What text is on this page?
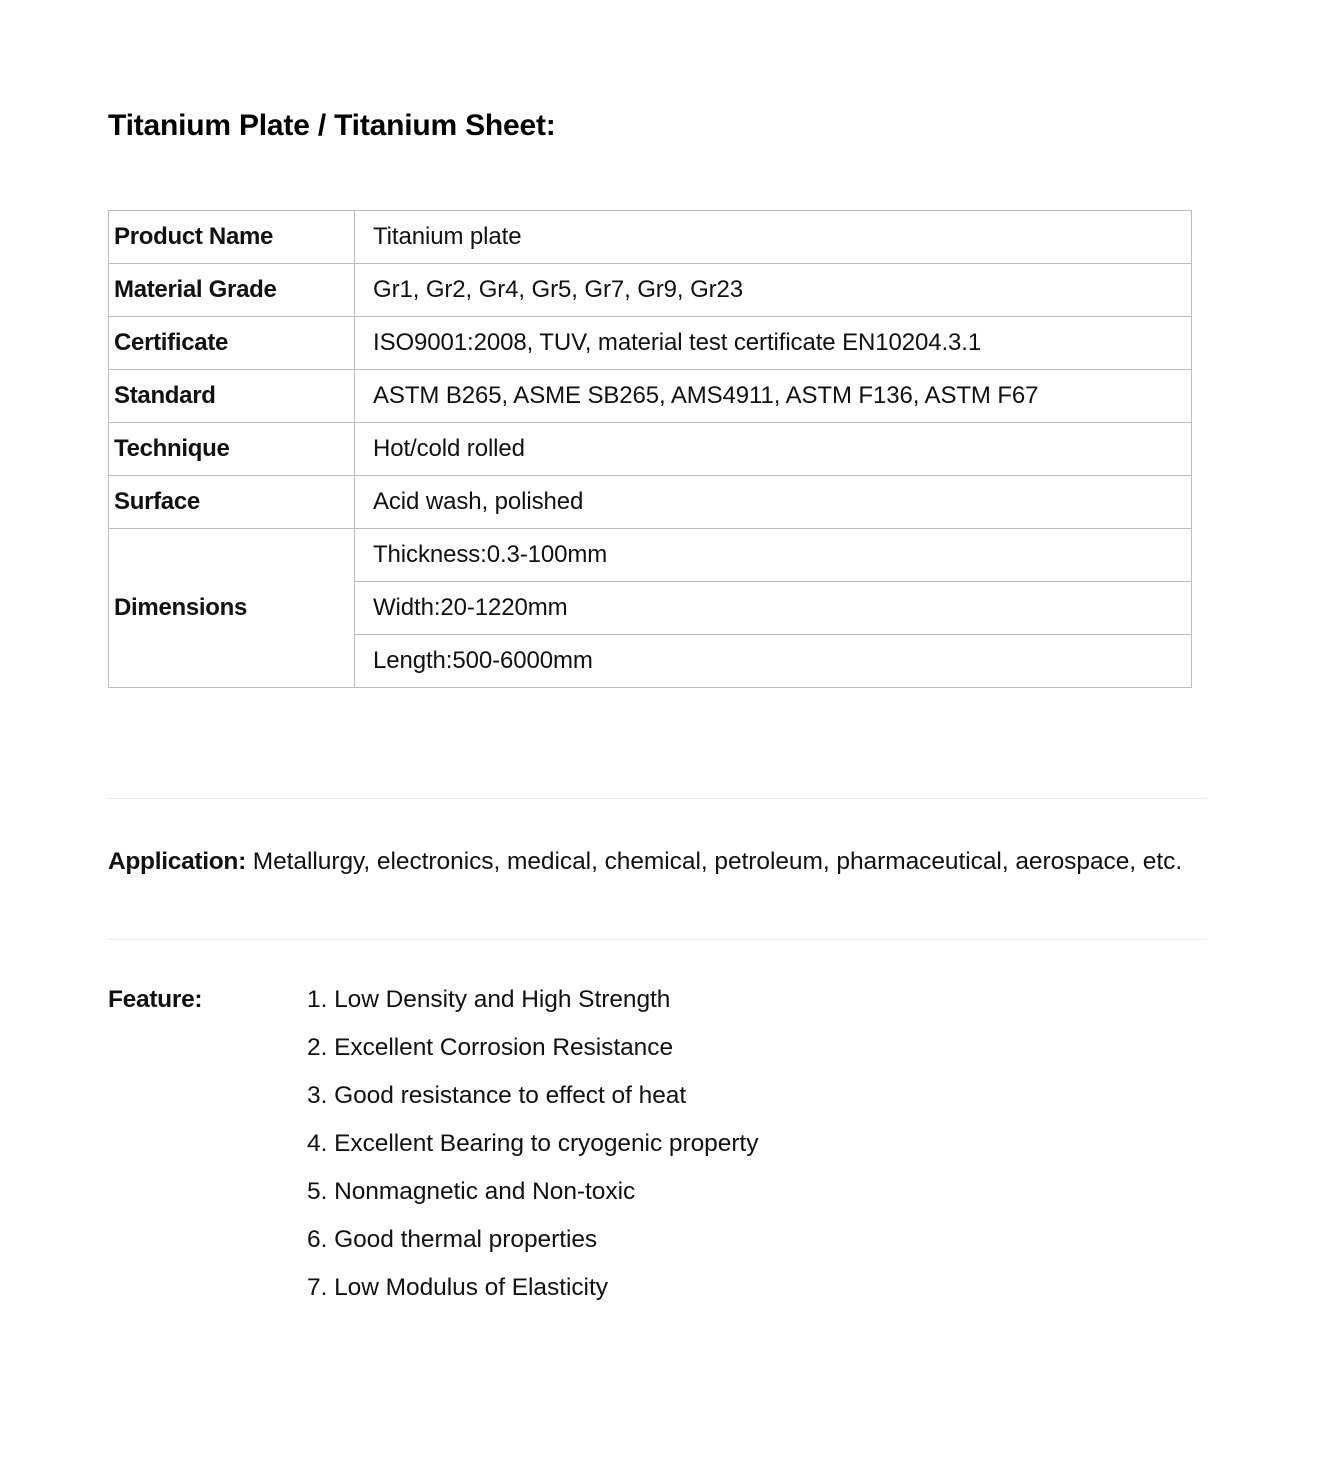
Titanium Plate / Titanium Sheet:
Product Name	Titanium plate
Material Grade	Gr1, Gr2, Gr4, Gr5, Gr7, Gr9, Gr23
Certificate	ISO9001:2008, TUV, material test certificate EN10204.3.1
Standard	ASTM B265, ASME SB265, AMS4911, ASTM F136, ASTM F67
Technique	Hot/cold rolled
Surface	Acid wash, polished
Dimensions	Thickness:0.3-100mm
	Width:20-1220mm
	Length:500-6000mm

Application: Metallurgy, electronics, medical, chemical, petroleum, pharmaceutical, aerospace, etc.

Feature:	1. Low Density and High Strength
2. Excellent Corrosion Resistance
3. Good resistance to effect of heat
4. Excellent Bearing to cryogenic property
5. Nonmagnetic and Non-toxic
6. Good thermal properties
7. Low Modulus of Elasticity
